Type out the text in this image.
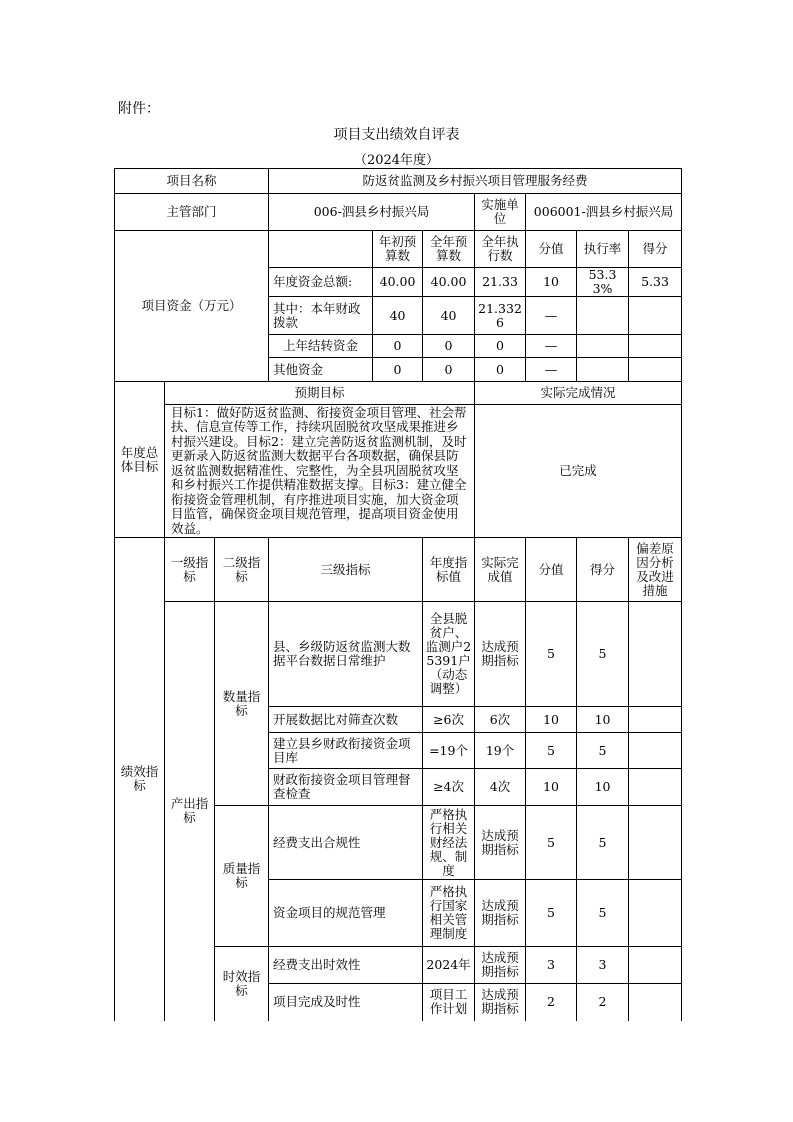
附件：
项目支出绩效自评表
（2024年度）
项目名称			防返贫监测及乡村振兴项目管理服务经费						
主管部门			006-泗县乡村振兴局			实施单位	006001-泗县乡村振兴局		
项目资金（万元）				年初预算数	全年预算数	全年执行数	分值	执行率	得分
			年度资金总额:	40.00	40.00	21.33	10	53.33%	5.33
			其中：本年财政拨款	40	40	21.3326	—		
			上年结转资金	0	0	0	—		
			其他资金	0	0	0	—		
年度总体目标	预期目标					实际完成情况			
	目标1：做好防返贫监测、衔接资金项目管理、社会帮扶、信息宣传等工作，持续巩固脱贫攻坚成果推进乡村振兴建设。目标2：建立完善防返贫监测机制，及时更新录入防返贫监测大数据平台各项数据，确保县防返贫监测数据精准性、完整性，为全县巩固脱贫攻坚和乡村振兴工作提供精准数据支撑。目标3：建立健全衔接资金管理机制，有序推进项目实施，加大资金项目监管，确保资金项目规范管理，提高项目资金使用效益。					已完成			
绩效指标	一级指标	二级指标	三级指标		年度指标值	实际完成值	分值	得分	偏差原因分析及改进措施
	产出指标	数量指标	县、乡级防返贫监测大数据平台数据日常维护		全县脱贫户、监测户25391户（动态调整）	达成预期指标	5	5	
			开展数据比对筛查次数		≥6次	6次	10	10	
			建立县乡财政衔接资金项目库		=19个	19个	5	5	
			财政衔接资金项目管理督查检查		≥4次	4次	10	10	
		质量指标	经费支出合规性		严格执行相关财经法规、制度	达成预期指标	5	5	
			资金项目的规范管理		严格执行国家相关管理制度	达成预期指标	5	5	
		时效指标	经费支出时效性		2024年	达成预期指标	3	3	
			项目完成及时性		项目工作计划	达成预期指标	2	2	
